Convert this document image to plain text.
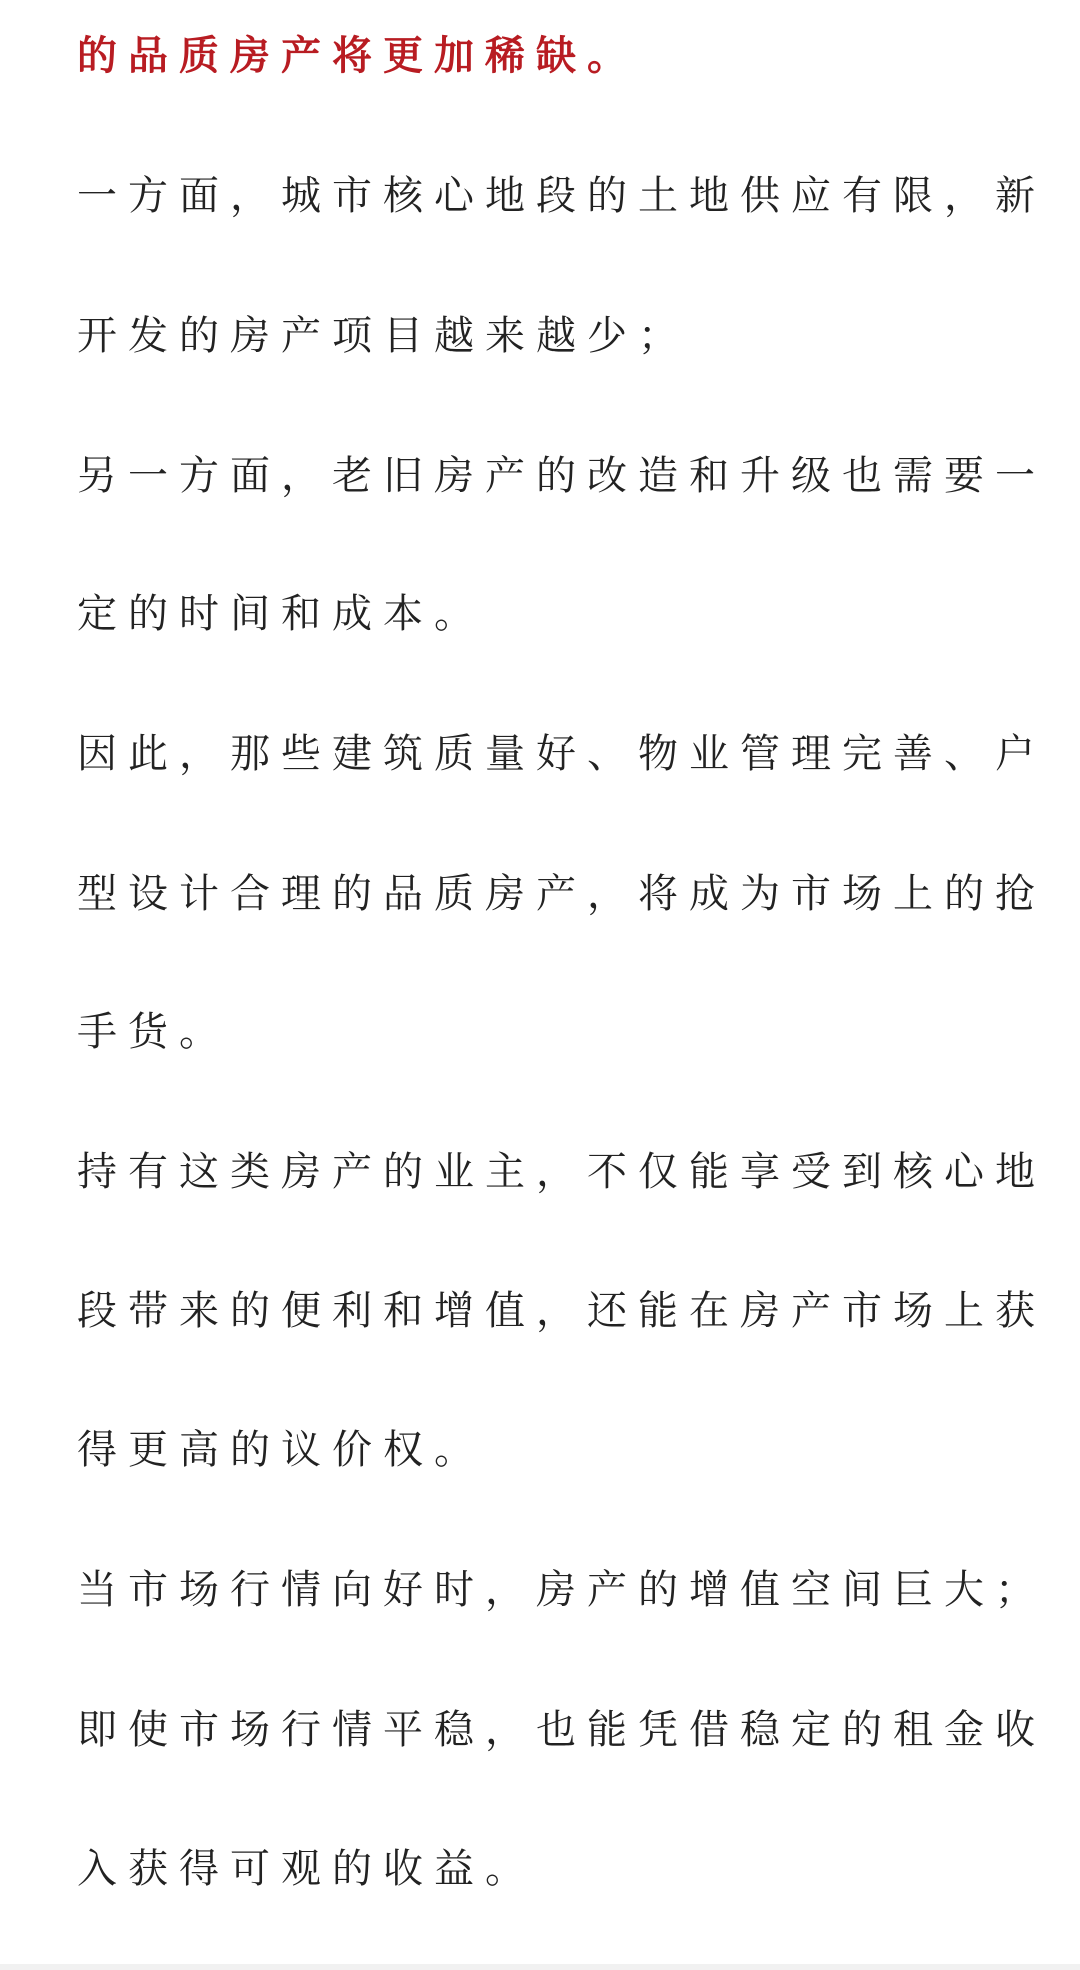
的品质房产将更加稀缺。
一方面，城市核心地段的土地供应有限，新
开发的房产项目越来越少；
另一方面，老旧房产的改造和升级也需要一
定的时间和成本。
因此，那些建筑质量好、物业管理完善、户
型设计合理的品质房产，将成为市场上的抢
手货。
持有这类房产的业主，不仅能享受到核心地
段带来的便利和增值，还能在房产市场上获
得更高的议价权。
当市场行情向好时，房产的增值空间巨大；
即使市场行情平稳，也能凭借稳定的租金收
入获得可观的收益。
